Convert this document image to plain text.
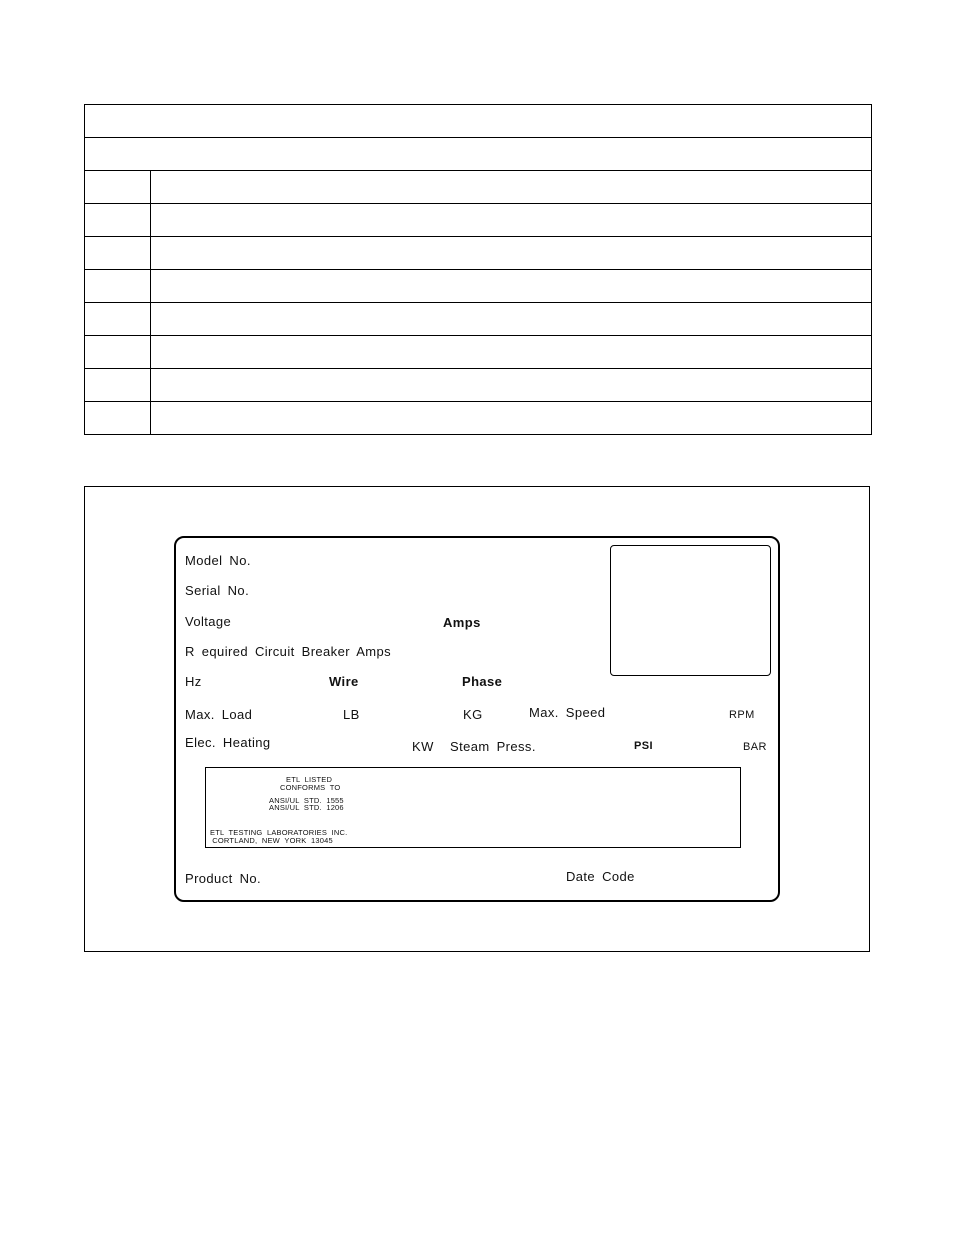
Model No.
Serial No.
Voltage	Amps
R equired Circuit Breaker Amps
Hz	Wire	Phase
Max. Load	LB	KG	Max. Speed	RPM
Elec. Heating	KW Steam Press.	PSI	BAR
ETL  LISTED
CONFORMS  TO
ANSI/UL  STD.  1555
ANSI/UL  STD.  1206
ETL  TESTING  LABORATORIES  INC.
CORTLAND,  NEW  YORK  13045
Product No.	Date Code
